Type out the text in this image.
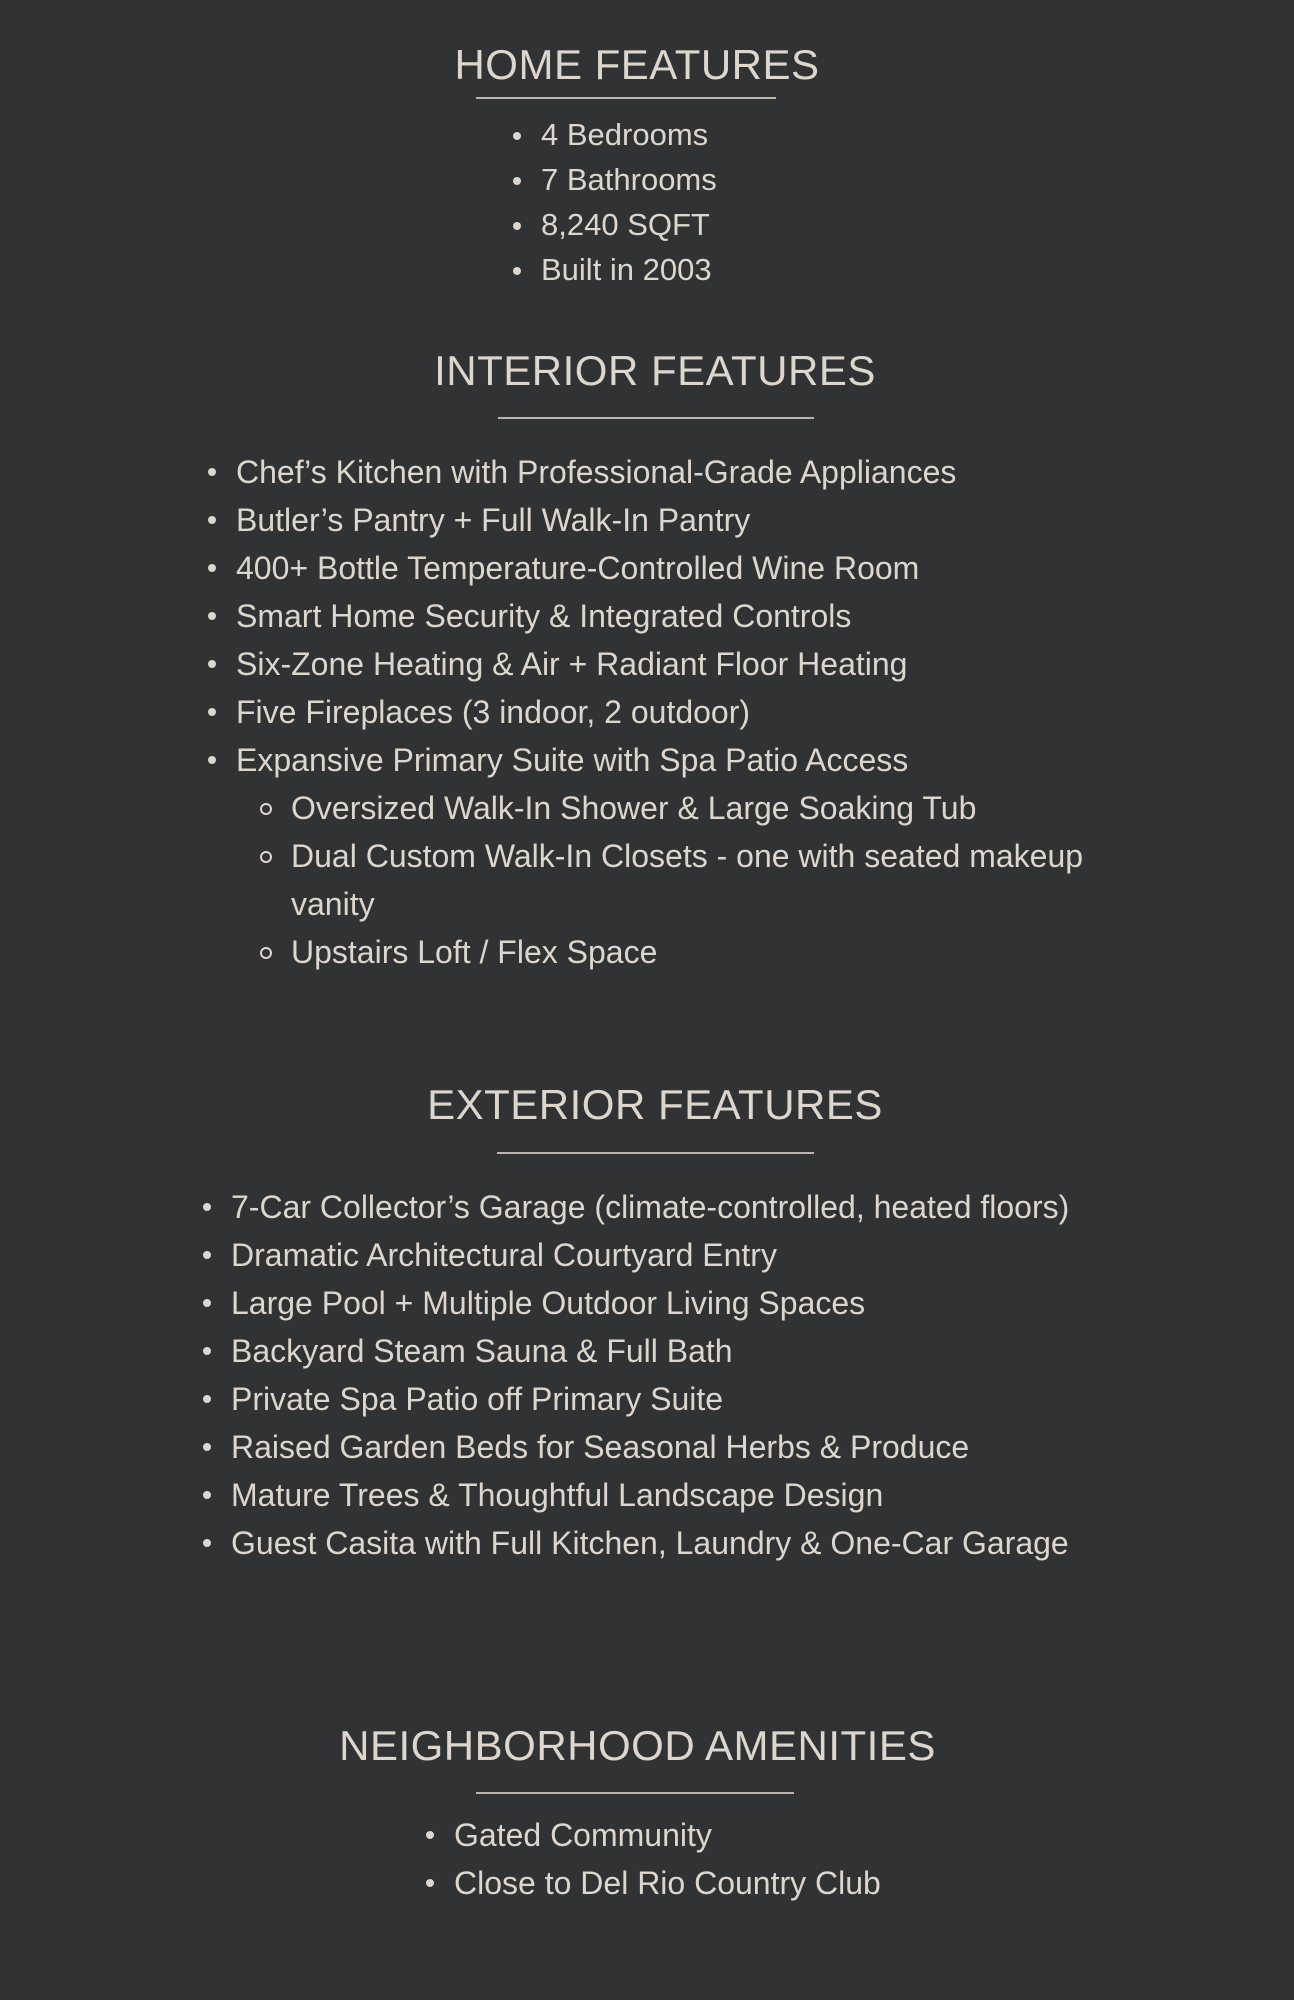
HOME FEATURES
4 Bedrooms
7 Bathrooms
8,240 SQFT
Built in 2003
INTERIOR FEATURES
Chef’s Kitchen with Professional-Grade Appliances
Butler’s Pantry + Full Walk-In Pantry
400+ Bottle Temperature-Controlled Wine Room
Smart Home Security & Integrated Controls
Six-Zone Heating & Air + Radiant Floor Heating
Five Fireplaces (3 indoor, 2 outdoor)
Expansive Primary Suite with Spa Patio Access
Oversized Walk-In Shower & Large Soaking Tub
Dual Custom Walk-In Closets - one with seated makeup vanity
Upstairs Loft / Flex Space
EXTERIOR FEATURES
7-Car Collector’s Garage (climate-controlled, heated floors)
Dramatic Architectural Courtyard Entry
Large Pool + Multiple Outdoor Living Spaces
Backyard Steam Sauna & Full Bath
Private Spa Patio off Primary Suite
Raised Garden Beds for Seasonal Herbs & Produce
Mature Trees & Thoughtful Landscape Design
Guest Casita with Full Kitchen, Laundry & One-Car Garage
NEIGHBORHOOD AMENITIES
Gated Community
Close to Del Rio Country Club
